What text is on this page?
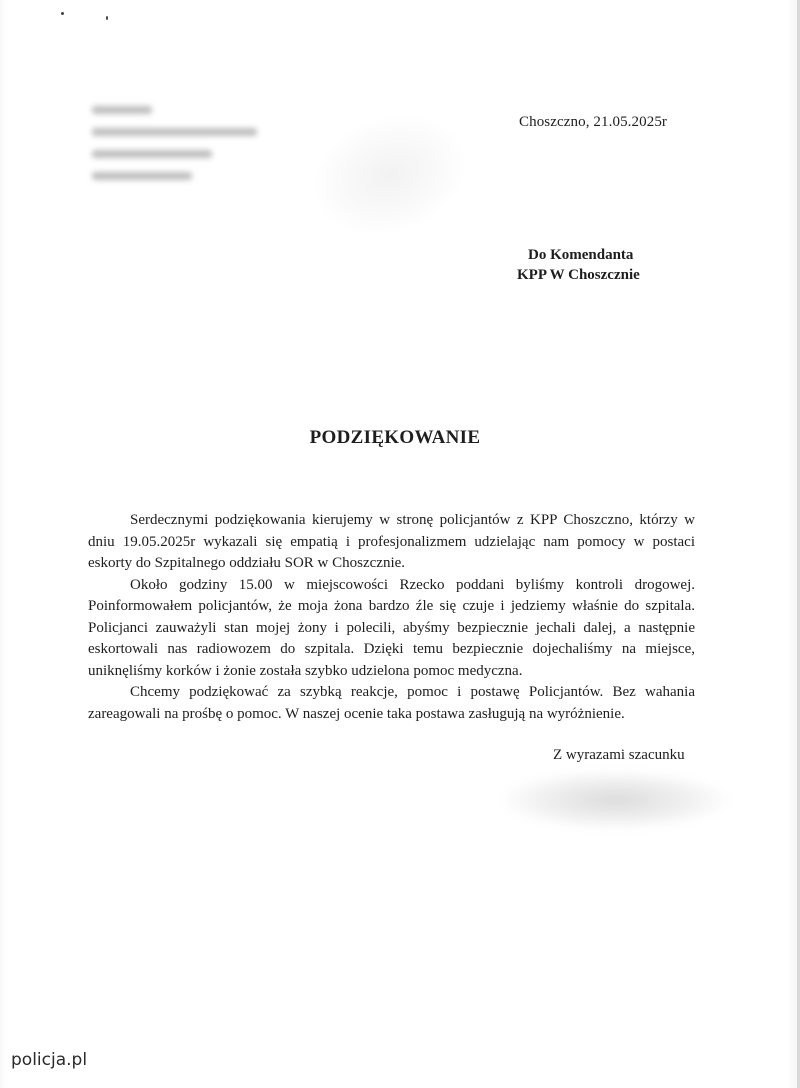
Choszczno, 21.05.2025r
Do Komendanta
KPP W Choszcznie
PODZIĘKOWANIE

Serdecznymi podziękowania kierujemy w stronę policjantów z KPP Choszczno, którzy w dniu 19.05.2025r wykazali się empatią i profesjonalizmem udzielając nam pomocy w postaci eskorty do Szpitalnego oddziału SOR w Choszcznie.

Około godziny 15.00 w miejscowości Rzecko poddani byliśmy kontroli drogowej. Poinformowałem policjantów, że moja żona bardzo źle się czuje i jedziemy właśnie do szpitala. Policjanci zauważyli stan mojej żony i polecili, abyśmy bezpiecznie jechali dalej, a następnie eskortowali nas radiowozem do szpitala. Dzięki temu bezpiecznie dojechaliśmy na miejsce, uniknęliśmy korków i żonie została szybko udzielona pomoc medyczna.

Chcemy podziękować za szybką reakcje, pomoc i postawę Policjantów. Bez wahania zareagowali na prośbę o pomoc. W naszej ocenie taka postawa zasługują na wyróżnienie.

Z wyrazami szacunku
policja.pl
